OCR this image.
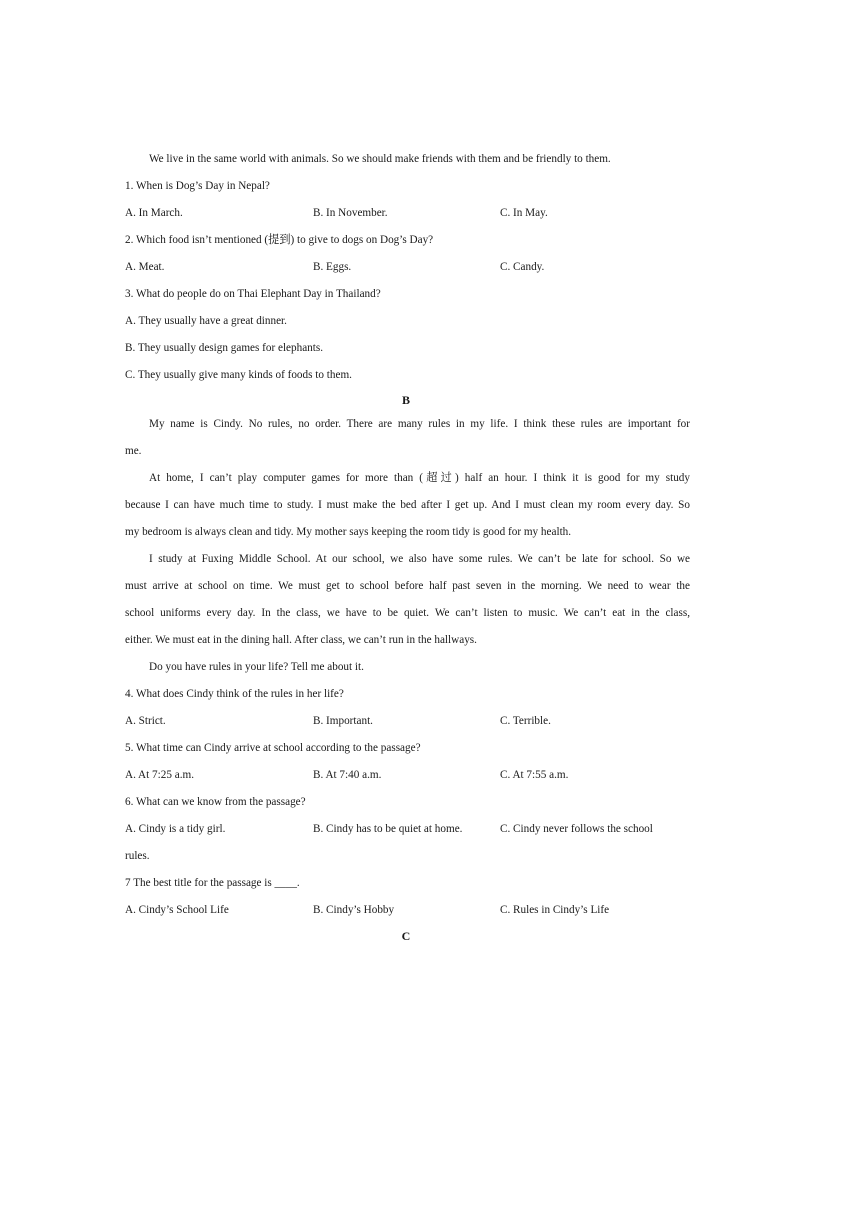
We live in the same world with animals. So we should make friends with them and be friendly to them.
1. When is Dog’s Day in Nepal?
A. In March.	B. In November.	C. In May.
2. Which food isn’t mentioned (提到) to give to dogs on Dog’s Day?
A. Meat.	B. Eggs.	C. Candy.
3. What do people do on Thai Elephant Day in Thailand?
A. They usually have a great dinner.
B. They usually design games for elephants.
C. They usually give many kinds of foods to them.
B
My name is Cindy. No rules, no order. There are many rules in my life. I think these rules are important for
me.
At home, I can’t play computer games for more than (超过) half an hour. I think it is good for my study
because I can have much time to study. I must make the bed after I get up. And I must clean my room every day. So
my bedroom is always clean and tidy. My mother says keeping the room tidy is good for my health.
I study at Fuxing Middle School. At our school, we also have some rules. We can’t be late for school. So we
must arrive at school on time. We must get to school before half past seven in the morning. We need to wear the
school uniforms every day. In the class, we have to be quiet. We can’t listen to music. We can’t eat in the class,
either. We must eat in the dining hall. After class, we can’t run in the hallways.
Do you have rules in your life? Tell me about it.
4. What does Cindy think of the rules in her life?
A. Strict.	B. Important.	C. Terrible.
5. What time can Cindy arrive at school according to the passage?
A. At 7:25 a.m.	B. At 7:40 a.m.	C. At 7:55 a.m.
6. What can we know from the passage?
A. Cindy is a tidy girl.	B. Cindy has to be quiet at home.	C. Cindy never follows the school
rules.
7 The best title for the passage is ____.
A. Cindy’s School Life	B. Cindy’s Hobby	C. Rules in Cindy’s Life
C
